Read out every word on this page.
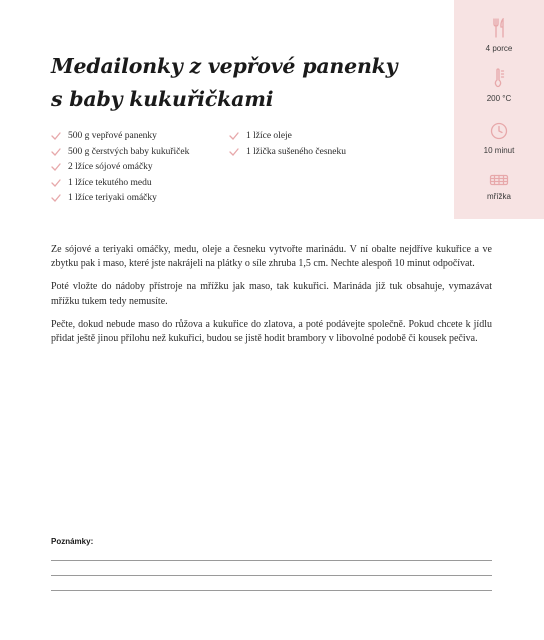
4 porce
200 °C
10 minut
mřížka
Medailonky z vepřové panenky
s baby kukuřičkami
500 g vepřové panenky
500 g čerstvých baby kukuřiček
2 lžíce sójové omáčky
1 lžíce tekutého medu
1 lžíce teriyaki omáčky
1 lžíce oleje
1 lžička sušeného česneku

Ze sójové a teriyaki omáčky, medu, oleje a česneku vytvořte marinádu. V ní obalte nejdříve kukuřice a ve zbytku pak i maso, které jste nakrájeli na plátky o síle zhruba 1,5 cm. Nechte alespoň 10 minut odpočívat.

Poté vložte do nádoby přístroje na mřížku jak maso, tak kukuřici. Marináda již tuk obsahuje, vymazávat mřížku tukem tedy nemusíte.

Pečte, dokud nebude maso do růžova a kukuřice do zlatova, a poté podávejte společně. Pokud chcete k jídlu přidat ještě jinou přílohu než kukuřici, budou se jistě hodit brambory v libovolné podobě či kousek pečiva.

Poznámky:
